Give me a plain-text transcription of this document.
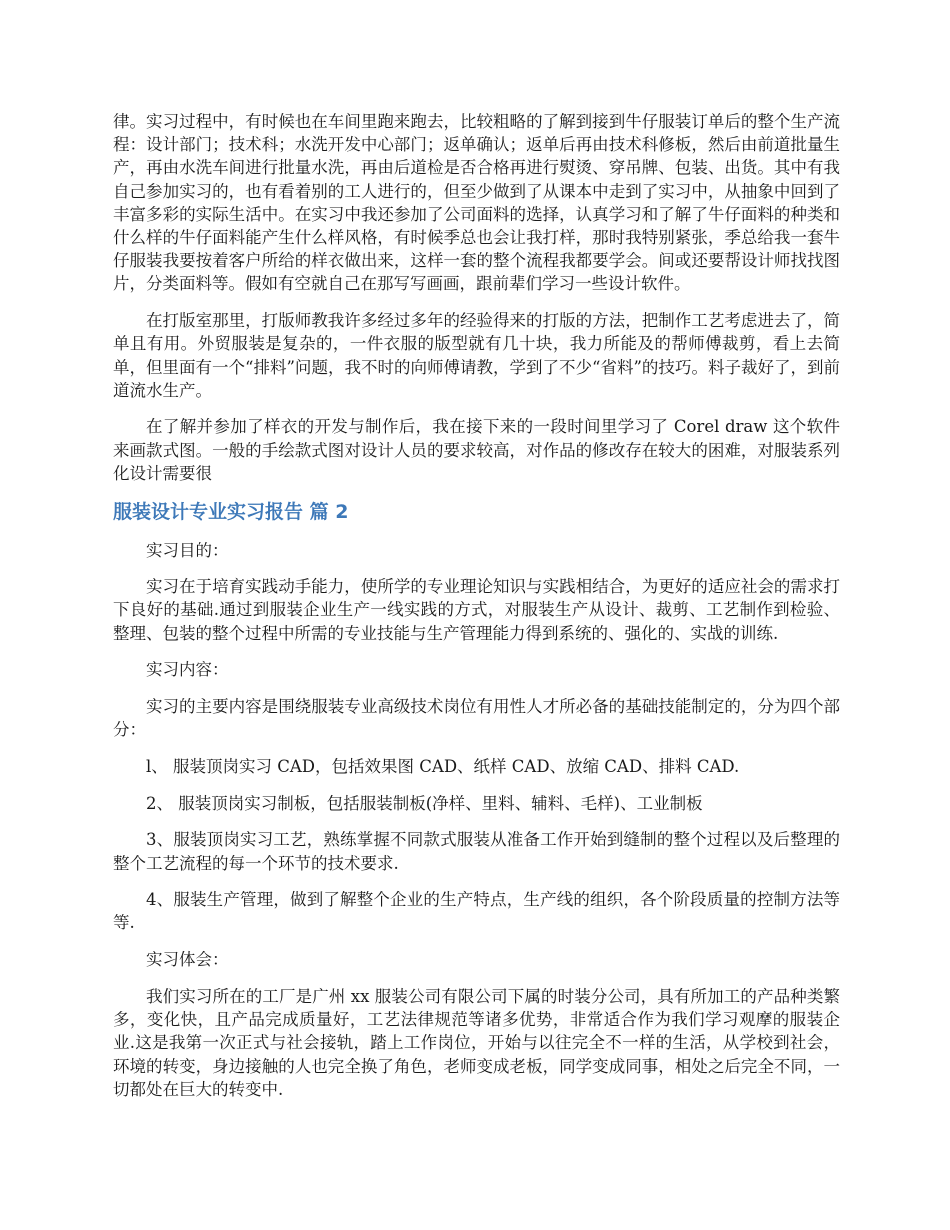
律。实习过程中，有时候也在车间里跑来跑去，比较粗略的了解到接到牛仔服装订单后的整个生产流程：设计部门；技术科；水洗开发中心部门；返单确认；返单后再由技术科修板，然后由前道批量生产，再由水洗车间进行批量水洗，再由后道检是否合格再进行熨烫、穿吊牌、包装、出货。其中有我自己参加实习的，也有看着别的工人进行的，但至少做到了从课本中走到了实习中，从抽象中回到了丰富多彩的实际生活中。在实习中我还参加了公司面料的选择，认真学习和了解了牛仔面料的种类和什么样的牛仔面料能产生什么样风格，有时候季总也会让我打样，那时我特别紧张，季总给我一套牛仔服装我要按着客户所给的样衣做出来，这样一套的整个流程我都要学会。间或还要帮设计师找找图片，分类面料等。假如有空就自己在那写写画画，跟前辈们学习一些设计软件。

在打版室那里，打版师教我许多经过多年的经验得来的打版的方法，把制作工艺考虑进去了，简单且有用。外贸服装是复杂的，一件衣服的版型就有几十块，我力所能及的帮师傅裁剪，看上去简单，但里面有一个“排料”问题，我不时的向师傅请教，学到了不少“省料”的技巧。料子裁好了，到前道流水生产。

在了解并参加了样衣的开发与制作后，我在接下来的一段时间里学习了 Corel draw 这个软件来画款式图。一般的手绘款式图对设计人员的要求较高，对作品的修改存在较大的困难，对服装系列化设计需要很

服装设计专业实习报告 篇 2

实习目的：

实习在于培育实践动手能力，使所学的专业理论知识与实践相结合，为更好的适应社会的需求打下良好的基础.通过到服装企业生产一线实践的方式，对服装生产从设计、裁剪、工艺制作到检验、整理、包装的整个过程中所需的专业技能与生产管理能力得到系统的、强化的、实战的训练.

实习内容：

实习的主要内容是围绕服装专业高级技术岗位有用性人才所必备的基础技能制定的，分为四个部分：

l、 服装顶岗实习 CAD，包括效果图 CAD、纸样 CAD、放缩 CAD、排料 CAD.

2、 服装顶岗实习制板，包括服装制板(净样、里料、辅料、毛样)、工业制板

3、服装顶岗实习工艺，熟练掌握不同款式服装从准备工作开始到缝制的整个过程以及后整理的整个工艺流程的每一个环节的技术要求.

4、服装生产管理，做到了解整个企业的生产特点，生产线的组织，各个阶段质量的控制方法等等.

实习体会：

我们实习所在的工厂是广州 xx 服装公司有限公司下属的时装分公司，具有所加工的产品种类繁多，变化快，且产品完成质量好，工艺法律规范等诸多优势，非常适合作为我们学习观摩的服装企业.这是我第一次正式与社会接轨，踏上工作岗位，开始与以往完全不一样的生活，从学校到社会，环境的转变，身边接触的人也完全换了角色，老师变成老板，同学变成同事，相处之后完全不同，一切都处在巨大的转变中.
